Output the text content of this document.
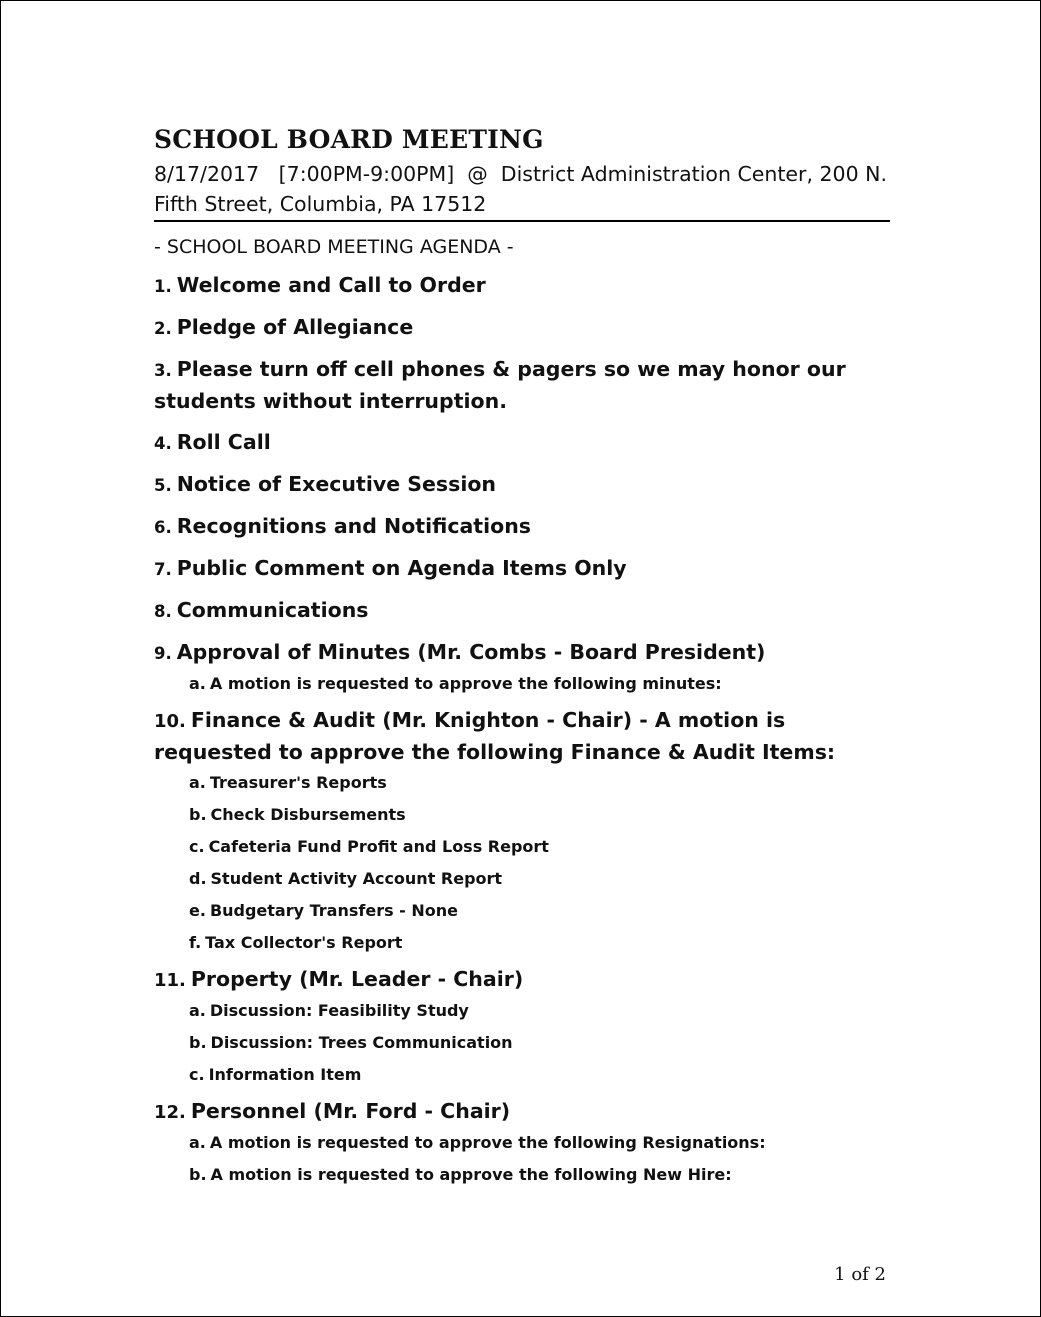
SCHOOL BOARD MEETING
8/17/2017   [7:00PM-9:00PM]  @  District Administration Center, 200 N. Fifth Street, Columbia, PA 17512
- SCHOOL BOARD MEETING AGENDA -
1. Welcome and Call to Order
2. Pledge of Allegiance
3. Please turn off cell phones & pagers so we may honor our students without interruption.
4. Roll Call
5. Notice of Executive Session
6. Recognitions and Notifications
7. Public Comment on Agenda Items Only
8. Communications
9. Approval of Minutes (Mr. Combs - Board President)
a. A motion is requested to approve the following minutes:
10. Finance & Audit (Mr. Knighton - Chair) - A motion is requested to approve the following Finance & Audit Items:
a. Treasurer's Reports
b. Check Disbursements
c. Cafeteria Fund Profit and Loss Report
d. Student Activity Account Report
e. Budgetary Transfers - None
f. Tax Collector's Report
11. Property (Mr. Leader - Chair)
a. Discussion: Feasibility Study
b. Discussion: Trees Communication
c. Information Item
12. Personnel (Mr. Ford - Chair)
a. A motion is requested to approve the following Resignations:
b. A motion is requested to approve the following New Hire:
1 of 2
